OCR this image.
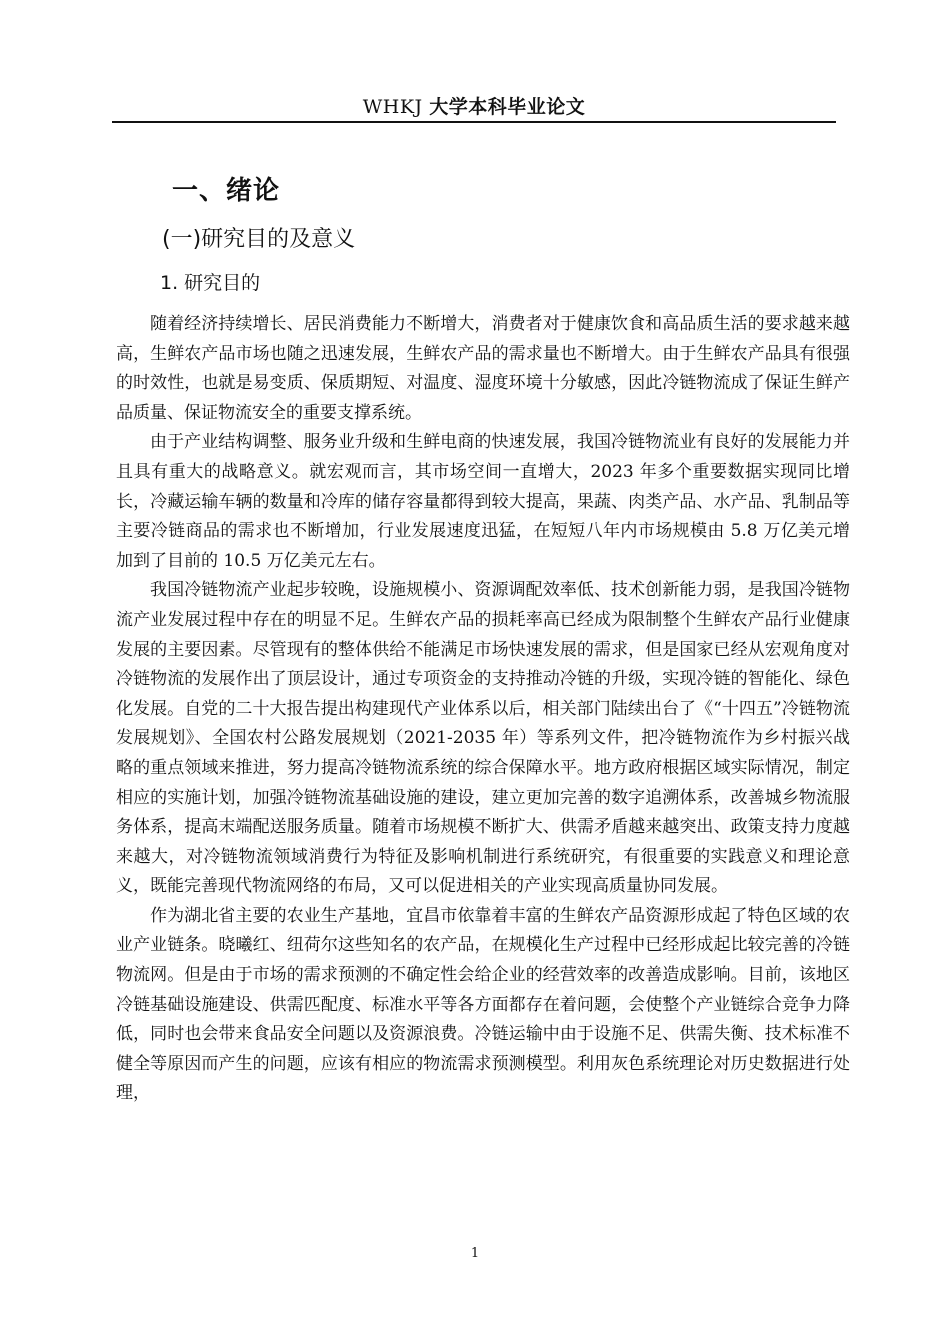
WHKJ 大学本科毕业论文
一、绪论
(一)研究目的及意义
1. 研究目的

随着经济持续增长、居民消费能力不断增大，消费者对于健康饮食和高品质生活的要求越来越高，生鲜农产品市场也随之迅速发展，生鲜农产品的需求量也不断增大。由于生鲜农产品具有很强的时效性，也就是易变质、保质期短、对温度、湿度环境十分敏感，因此冷链物流成了保证生鲜产品质量、保证物流安全的重要支撑系统。

由于产业结构调整、服务业升级和生鲜电商的快速发展，我国冷链物流业有良好的发展能力并且具有重大的战略意义。就宏观而言，其市场空间一直增大，2023 年多个重要数据实现同比增长，冷藏运输车辆的数量和冷库的储存容量都得到较大提高，果蔬、肉类产品、水产品、乳制品等主要冷链商品的需求也不断增加，行业发展速度迅猛，在短短八年内市场规模由 5.8 万亿美元增加到了目前的 10.5 万亿美元左右。

我国冷链物流产业起步较晚，设施规模小、资源调配效率低、技术创新能力弱，是我国冷链物流产业发展过程中存在的明显不足。生鲜农产品的损耗率高已经成为限制整个生鲜农产品行业健康发展的主要因素。尽管现有的整体供给不能满足市场快速发展的需求，但是国家已经从宏观角度对冷链物流的发展作出了顶层设计，通过专项资金的支持推动冷链的升级，实现冷链的智能化、绿色化发展。自党的二十大报告提出构建现代产业体系以后，相关部门陆续出台了《“十四五”冷链物流发展规划》、全国农村公路发展规划（2021-2035 年）等系列文件，把冷链物流作为乡村振兴战略的重点领域来推进，努力提高冷链物流系统的综合保障水平。地方政府根据区域实际情况，制定相应的实施计划，加强冷链物流基础设施的建设，建立更加完善的数字追溯体系，改善城乡物流服务体系，提高末端配送服务质量。随着市场规模不断扩大、供需矛盾越来越突出、政策支持力度越来越大，对冷链物流领域消费行为特征及影响机制进行系统研究，有很重要的实践意义和理论意义，既能完善现代物流网络的布局，又可以促进相关的产业实现高质量协同发展。

作为湖北省主要的农业生产基地，宜昌市依靠着丰富的生鲜农产品资源形成起了特色区域的农业产业链条。晓曦红、纽荷尔这些知名的农产品，在规模化生产过程中已经形成起比较完善的冷链物流网。但是由于市场的需求预测的不确定性会给企业的经营效率的改善造成影响。目前，该地区冷链基础设施建设、供需匹配度、标准水平等各方面都存在着问题，会使整个产业链综合竞争力降低，同时也会带来食品安全问题以及资源浪费。冷链运输中由于设施不足、供需失衡、技术标准不健全等原因而产生的问题，应该有相应的物流需求预测模型。利用灰色系统理论对历史数据进行处理，

1
